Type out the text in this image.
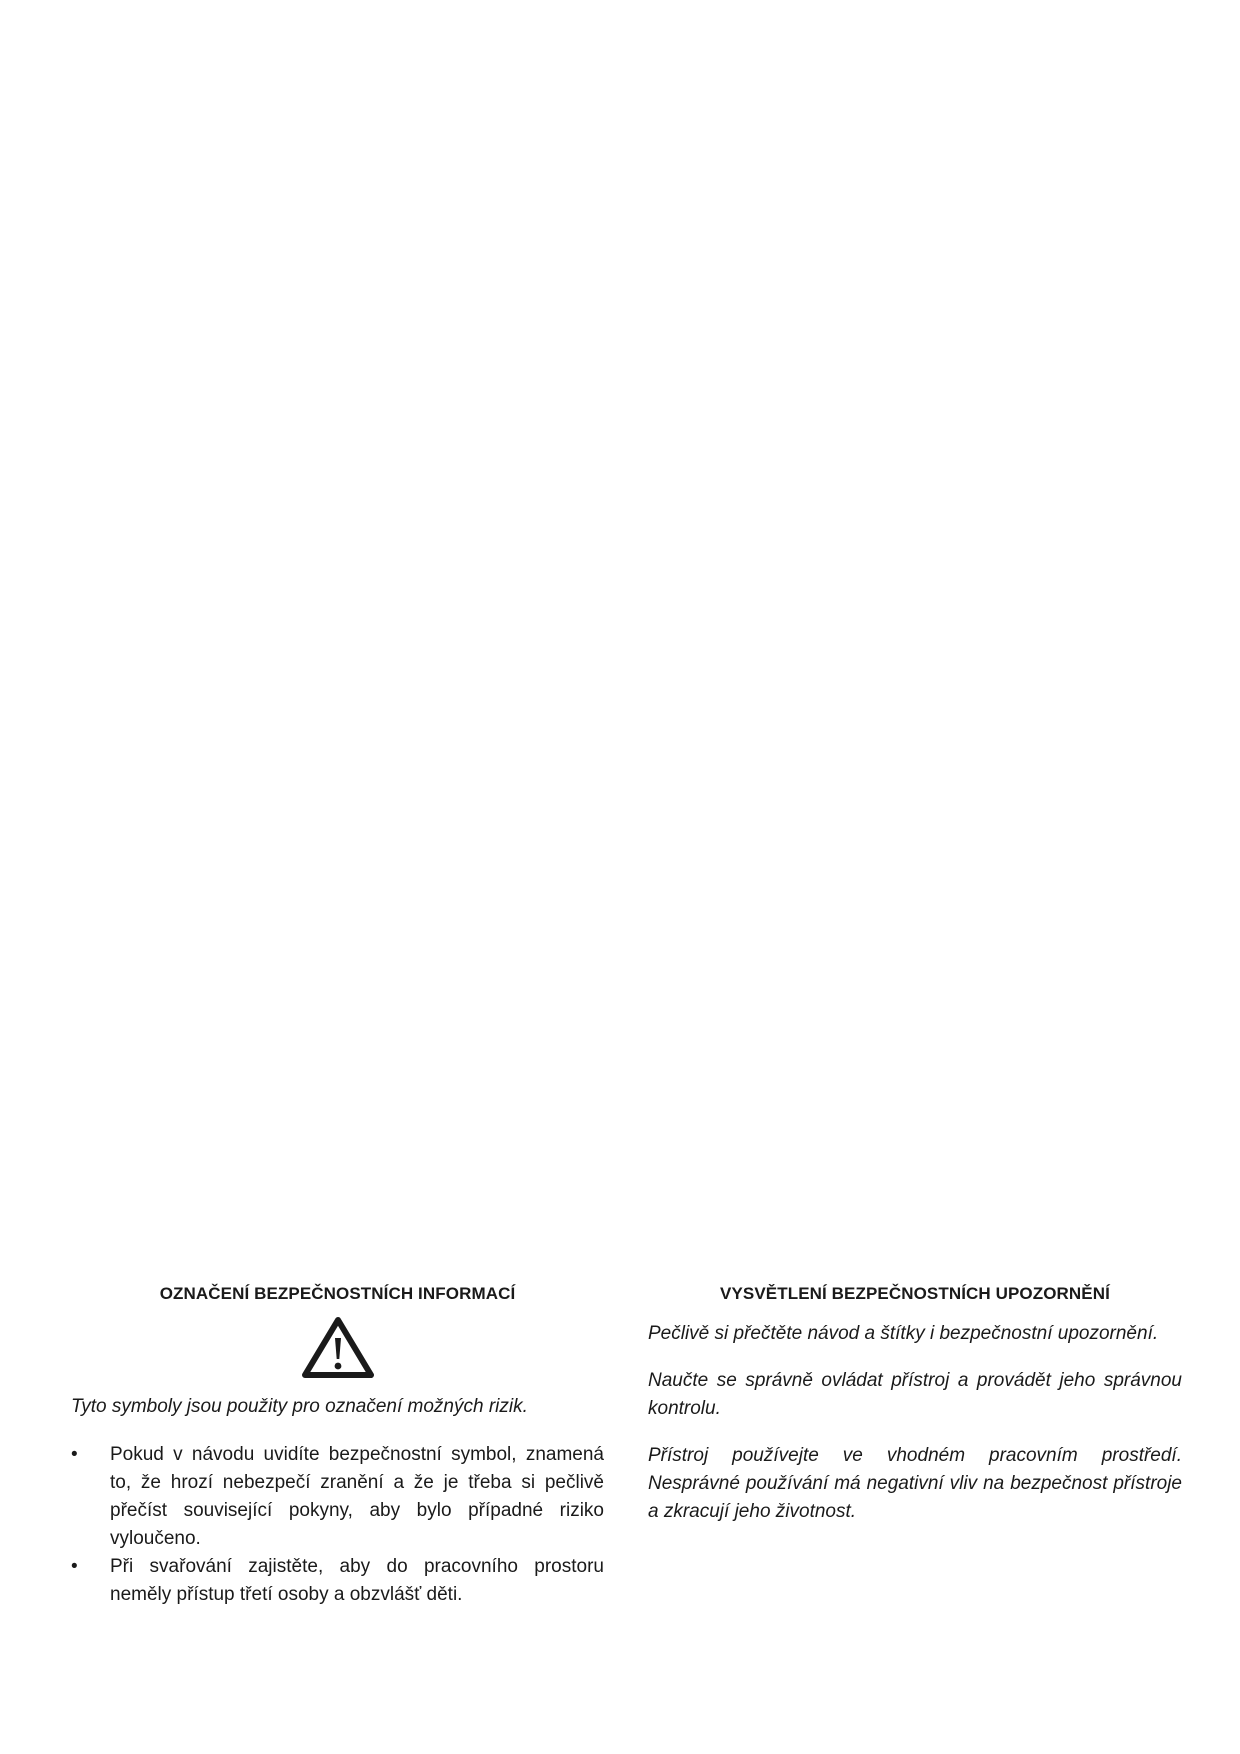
OZNAČENÍ BEZPEČNOSTNÍCH INFORMACÍ

Tyto symboly jsou použity pro označení možných rizik.

• Pokud v návodu uvidíte bezpečnostní symbol, znamená to, že hrozí nebezpečí zranění a že je třeba si pečlivě přečíst související pokyny, aby bylo případné riziko vyloučeno.
• Při svařování zajistěte, aby do pracovního prostoru neměly přístup třetí osoby a obzvlášť děti.
VYSVĚTLENÍ BEZPEČNOSTNÍCH UPOZORNĚNÍ

Pečlivě si přečtěte návod a štítky i bezpečnostní upozornění.

Naučte se správně ovládat přístroj a provádět jeho správnou kontrolu.

Přístroj používejte ve vhodném pracovním prostředí. Nesprávné používání má negativní vliv na bezpečnost přístroje a zkracují jeho životnost.
